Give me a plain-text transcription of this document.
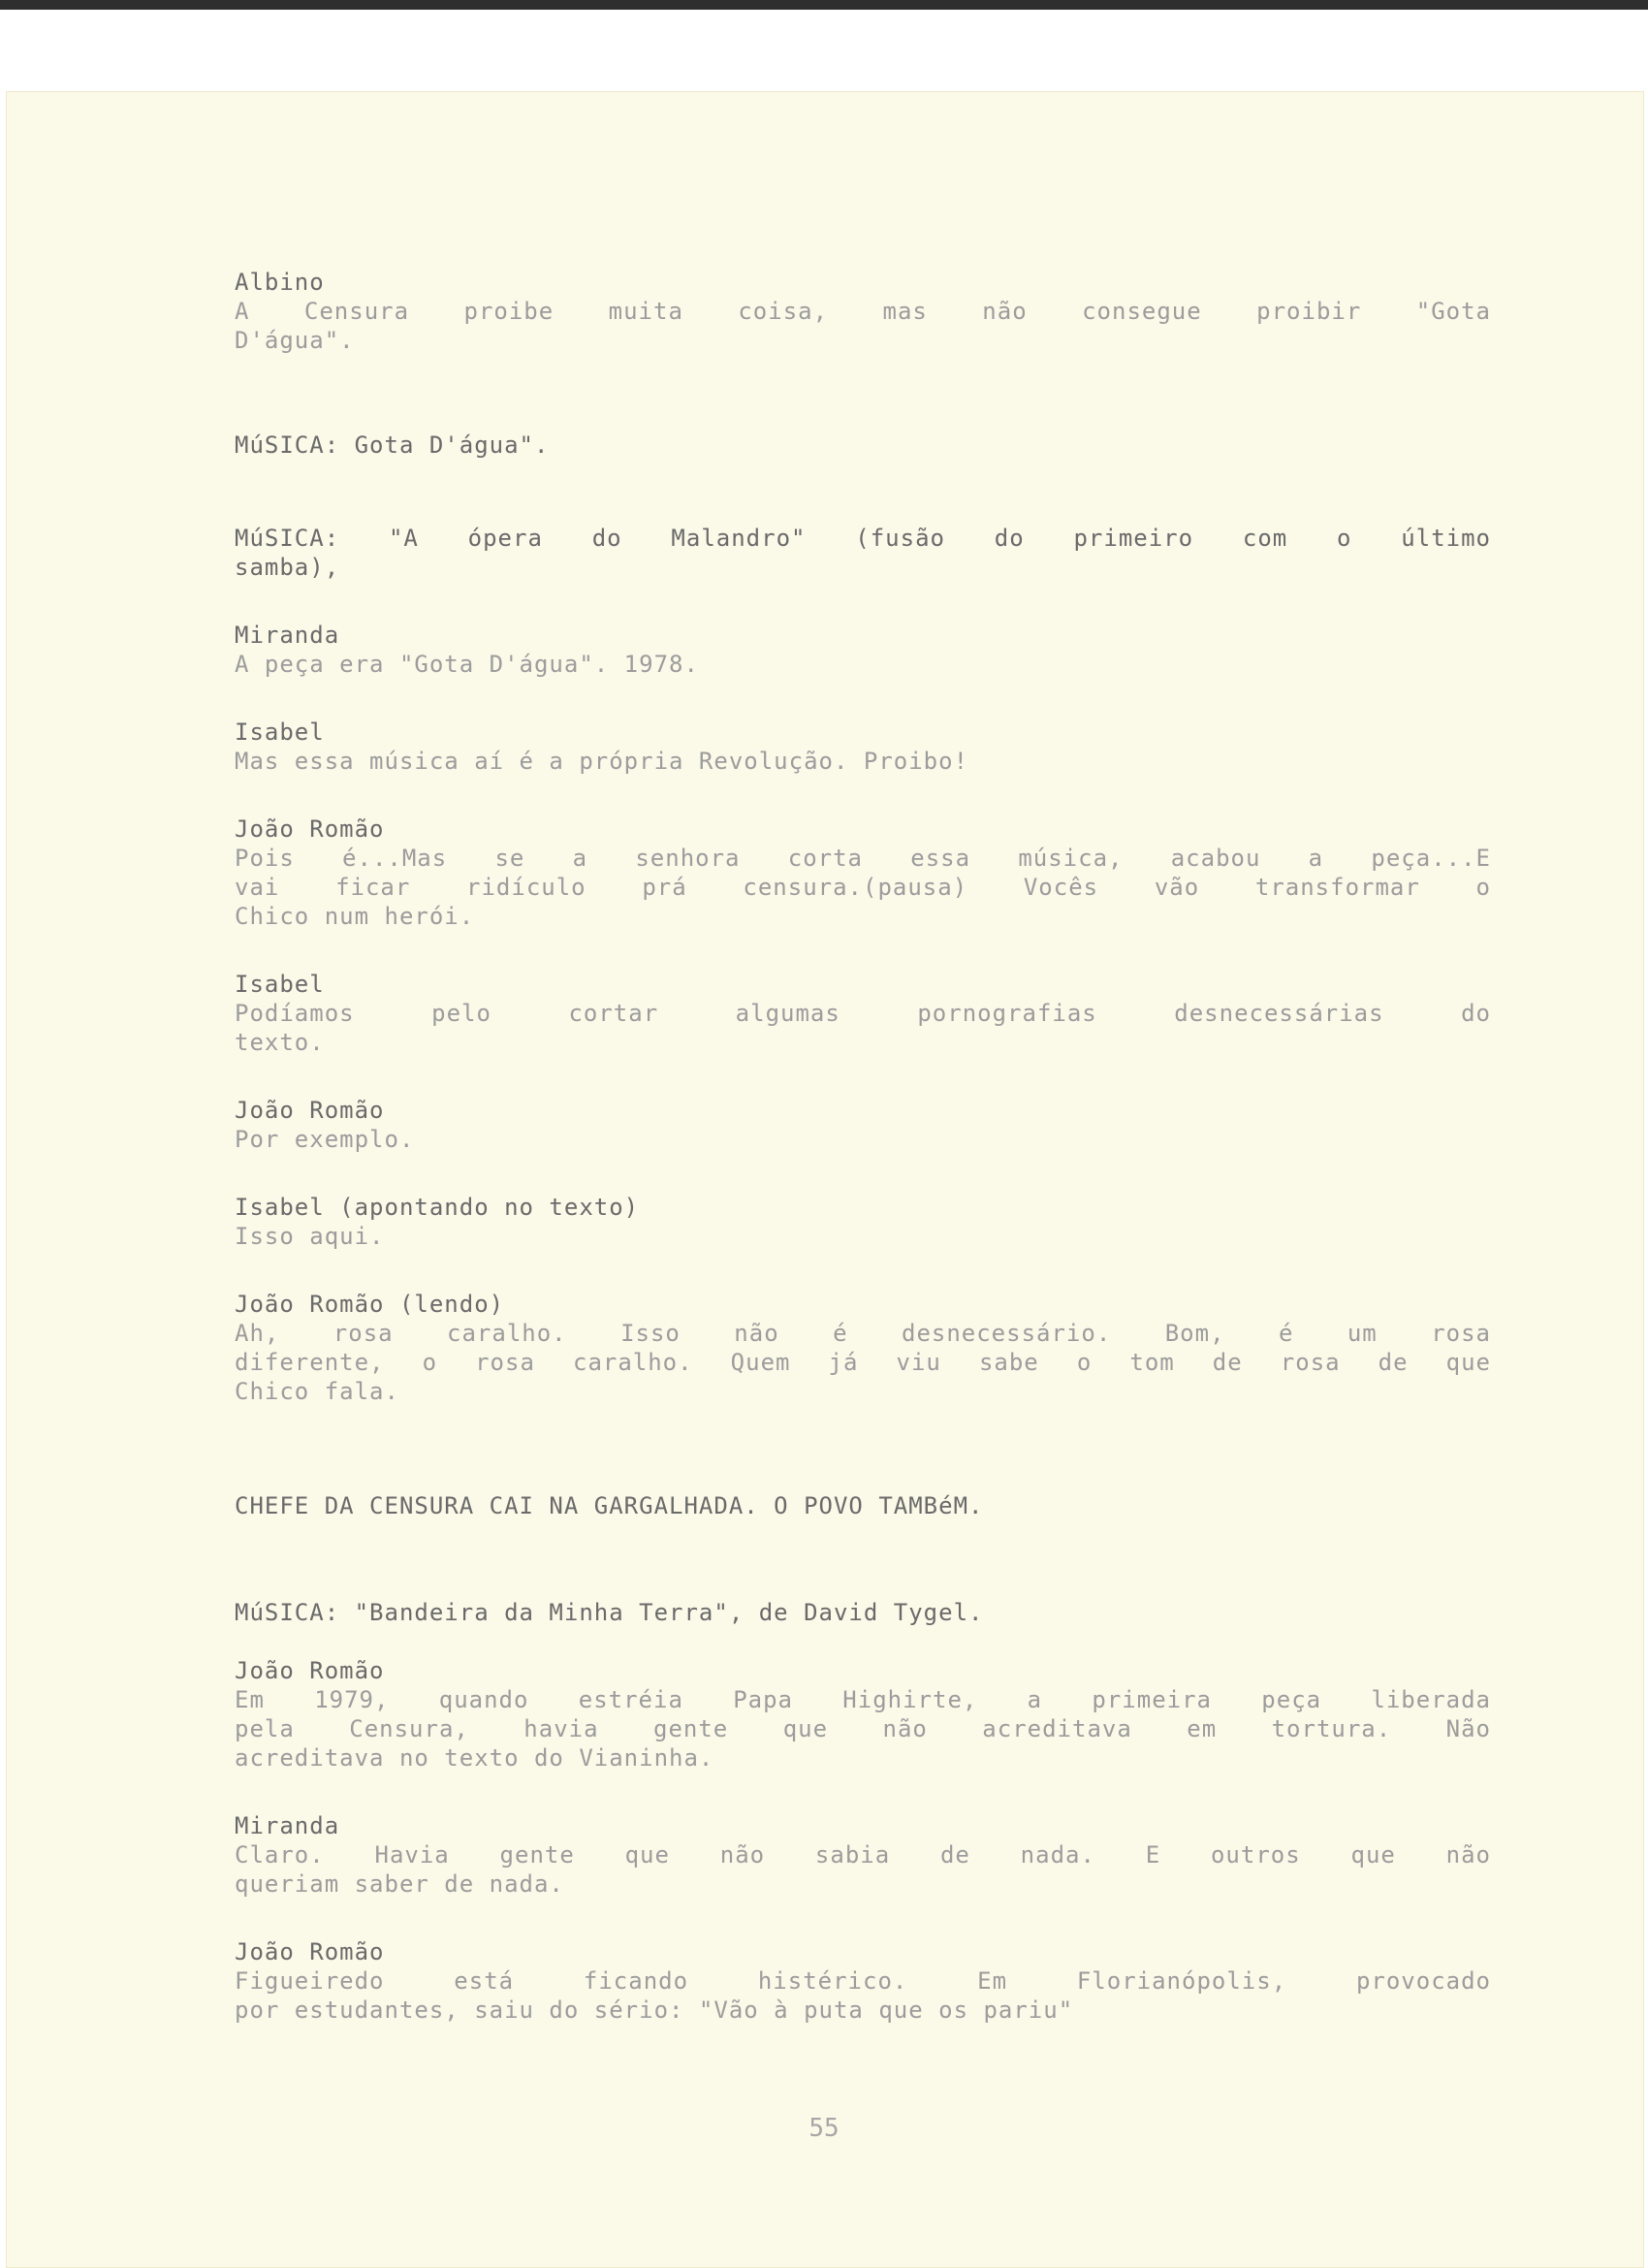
Albino
A Censura proibe muita coisa, mas não consegue proibir "Gota
D'água".
MúSICA: Gota D'água".
MúSICA: "A ópera do Malandro" (fusão do primeiro com o último
samba),
Miranda
A peça era "Gota D'água". 1978.
Isabel
Mas essa música aí é a própria Revolução. Proibo!
João Romão
Pois é...Mas se a senhora corta essa música, acabou a peça...E
vai ficar ridículo prá censura.(pausa) Vocês vão transformar o
Chico num herói.
Isabel
Podíamos pelo cortar algumas pornografias desnecessárias do
texto.
João Romão
Por exemplo.
Isabel (apontando no texto)
Isso aqui.
João Romão (lendo)
Ah, rosa caralho. Isso não é desnecessário. Bom, é um rosa
diferente, o rosa caralho. Quem já viu sabe o tom de rosa de que
Chico fala.
CHEFE DA CENSURA CAI NA GARGALHADA. O POVO TAMBéM.
MúSICA: "Bandeira da Minha Terra", de David Tygel.
João Romão
Em 1979, quando estréia Papa Highirte, a primeira peça liberada
pela Censura, havia gente que não acreditava em tortura. Não
acreditava no texto do Vianinha.
Miranda
Claro. Havia gente que não sabia de nada. E outros que não
queriam saber de nada.
João Romão
Figueiredo está ficando histérico. Em Florianópolis, provocado
por estudantes, saiu do sério: "Vão à puta que os pariu"
55
